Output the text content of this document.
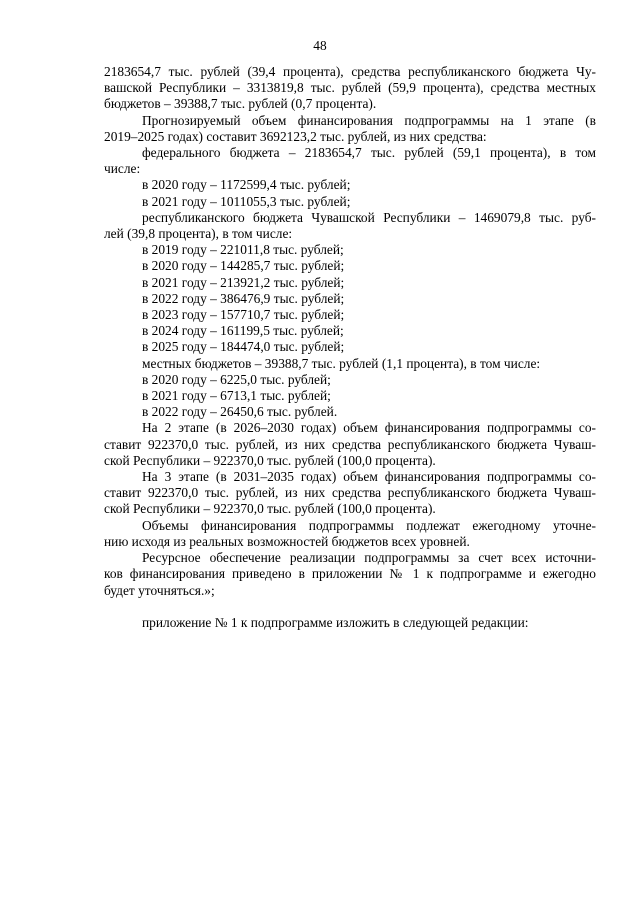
48

2183654,7 тыс. рублей (39,4 процента), средства республиканского бюджета Чу-

вашской Республики – 3313819,8 тыс. рублей (59,9 процента), средства местных

бюджетов – 39388,7 тыс. рублей (0,7 процента).

Прогнозируемый объем финансирования подпрограммы на 1 этапе (в

2019–2025 годах) составит 3692123,2 тыс. рублей, из них средства:

федерального бюджета – 2183654,7 тыс. рублей (59,1 процента), в том

числе:

в 2020 году – 1172599,4 тыс. рублей;

в 2021 году – 1011055,3 тыс. рублей;

республиканского бюджета Чувашской Республики – 1469079,8 тыс. руб-

лей (39,8 процента), в том числе:

в 2019 году – 221011,8 тыс. рублей;

в 2020 году – 144285,7 тыс. рублей;

в 2021 году – 213921,2 тыс. рублей;

в 2022 году – 386476,9 тыс. рублей;

в 2023 году – 157710,7 тыс. рублей;

в 2024 году – 161199,5 тыс. рублей;

в 2025 году – 184474,0 тыс. рублей;

местных бюджетов – 39388,7 тыс. рублей (1,1 процента), в том числе:

в 2020 году – 6225,0 тыс. рублей;

в 2021 году – 6713,1 тыс. рублей;

в 2022 году – 26450,6 тыс. рублей.

На 2 этапе (в 2026–2030 годах) объем финансирования подпрограммы со-

ставит 922370,0 тыс. рублей, из них средства республиканского бюджета Чуваш-

ской Республики – 922370,0 тыс. рублей (100,0 процента).

На 3 этапе (в 2031–2035 годах) объем финансирования подпрограммы со-

ставит 922370,0 тыс. рублей, из них средства республиканского бюджета Чуваш-

ской Республики – 922370,0 тыс. рублей (100,0 процента).

Объемы финансирования подпрограммы подлежат ежегодному уточне-

нию исходя из реальных возможностей бюджетов всех уровней.

Ресурсное обеспечение реализации подпрограммы за счет всех источни-

ков финансирования приведено в приложении № 1 к подпрограмме и ежегодно

будет уточняться.»;

приложение № 1 к подпрограмме изложить в следующей редакции:
